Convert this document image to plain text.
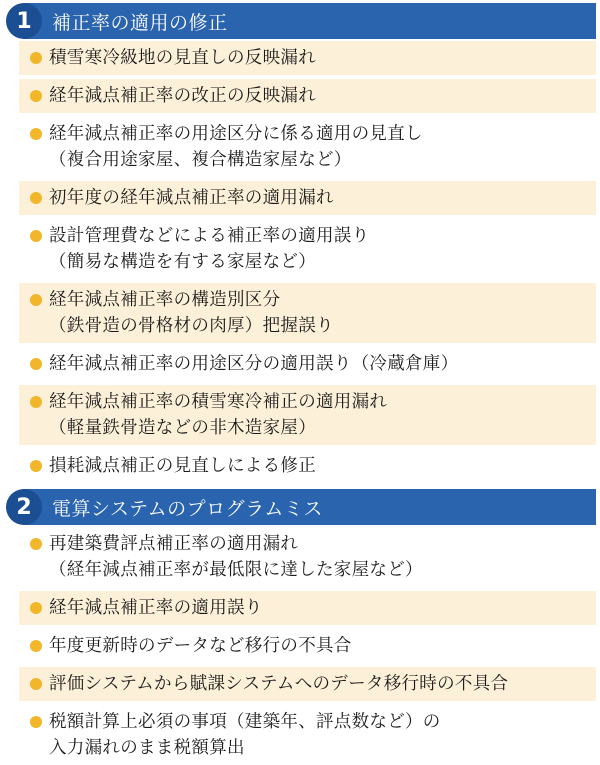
1	補正率の適用の修正
積雪寒冷級地の見直しの反映漏れ
経年減点補正率の改正の反映漏れ
経年減点補正率の用途区分に係る適用の見直し
（複合用途家屋、複合構造家屋など）
初年度の経年減点補正率の適用漏れ
設計管理費などによる補正率の適用誤り
（簡易な構造を有する家屋など）
経年減点補正率の構造別区分
（鉄骨造の骨格材の肉厚）把握誤り
経年減点補正率の用途区分の適用誤り（冷蔵倉庫）
経年減点補正率の積雪寒冷補正の適用漏れ
（軽量鉄骨造などの非木造家屋）
損耗減点補正の見直しによる修正
2	電算システムのプログラムミス
再建築費評点補正率の適用漏れ
（経年減点補正率が最低限に達した家屋など）
経年減点補正率の適用誤り
年度更新時のデータなど移行の不具合
評価システムから賦課システムへのデータ移行時の不具合
税額計算上必須の事項（建築年、評点数など）の
入力漏れのまま税額算出
